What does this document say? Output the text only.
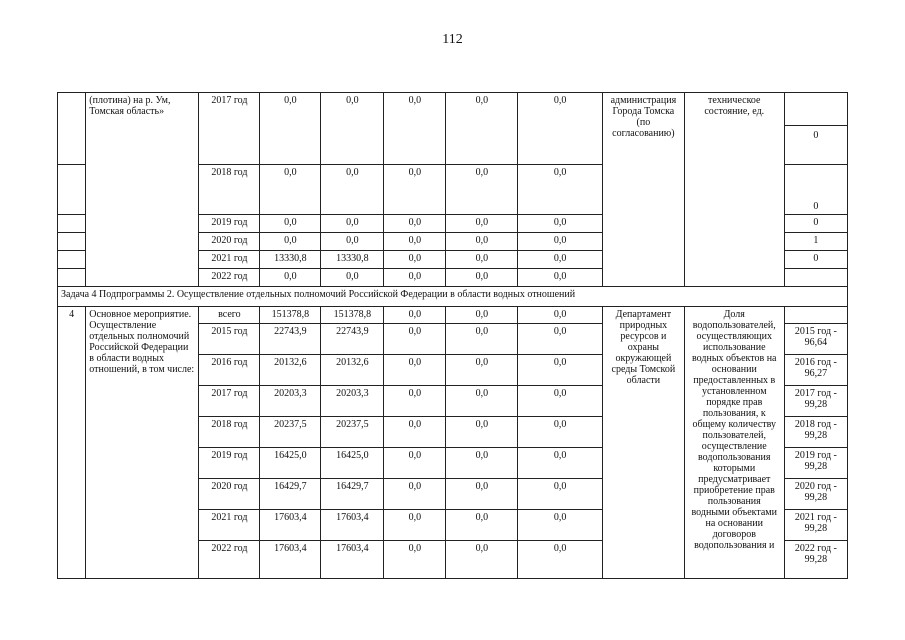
112
	(плотина) на р. Ум, Томская область»	2017 год	0,0	0,0	0,0	0,0	0,0	администрация Города Томска (по согласованию)	техническое состояние, ед.	0

		2018 год	0,0	0,0	0,0	0,0	0,0			0
		2019 год	0,0	0,0	0,0	0,0	0,0			0
		2020 год	0,0	0,0	0,0	0,0	0,0			1
		2021 год	13330,8	13330,8	0,0	0,0	0,0			0
		2022 год	0,0	0,0	0,0	0,0	0,0			
Задача 4 Подпрограммы 2. Осуществление отдельных полномочий Российской Федерации в области водных отношений										
4	Основное мероприятие. Осуществление отдельных полномочий Российской Федерации в области водных отношений, в том числе:	всего	151378,8	151378,8	0,0	0,0	0,0	Департамент природных ресурсов и охраны окружающей среды Томской области	Доля водопользователей, осуществляющих использование водных объектов на основании предоставленных в установленном порядке прав пользования, к общему количеству пользователей, осуществление водопользования которыми предусматривает приобретение прав пользования водными объектами на основании договоров водопользования и	
		2015 год	22743,9	22743,9	0,0	0,0	0,0			2015 год - 96,64
		2016 год	20132,6	20132,6	0,0	0,0	0,0			2016 год - 96,27
		2017 год	20203,3	20203,3	0,0	0,0	0,0			2017 год - 99,28
		2018 год	20237,5	20237,5	0,0	0,0	0,0			2018 год - 99,28
		2019 год	16425,0	16425,0	0,0	0,0	0,0			2019 год - 99,28
		2020 год	16429,7	16429,7	0,0	0,0	0,0			2020 год - 99,28
		2021 год	17603,4	17603,4	0,0	0,0	0,0			2021 год - 99,28
		2022 год	17603,4	17603,4	0,0	0,0	0,0			2022 год - 99,28
